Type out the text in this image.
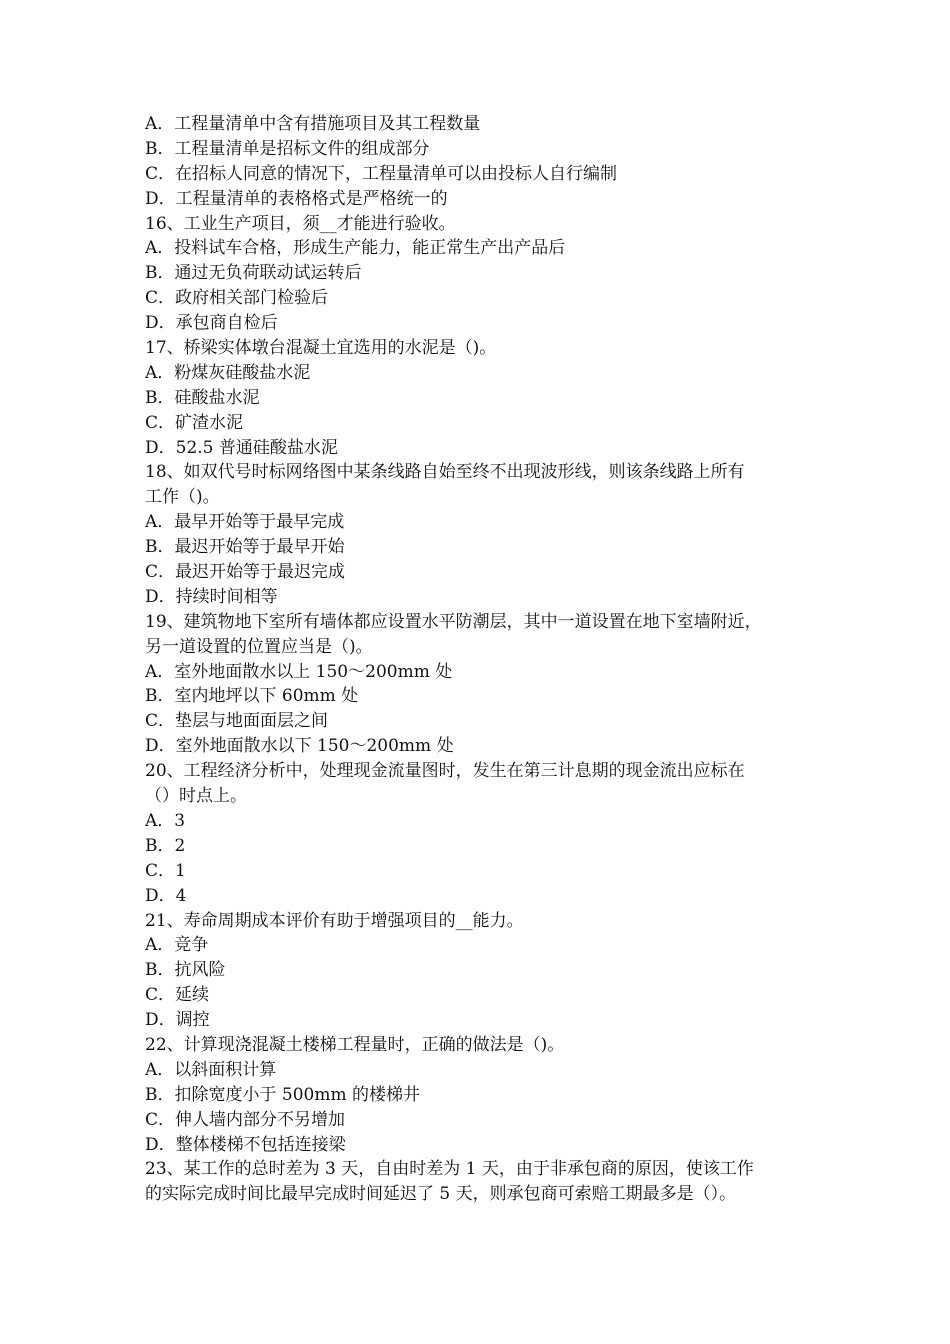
A．工程量清单中含有措施项目及其工程数量
B．工程量清单是招标文件的组成部分
C．在招标人同意的情况下，工程量清单可以由投标人自行编制
D．工程量清单的表格格式是严格统一的
16、工业生产项目，须__才能进行验收。
A．投料试车合格，形成生产能力，能正常生产出产品后
B．通过无负荷联动试运转后
C．政府相关部门检验后
D．承包商自检后
17、桥梁实体墩台混凝土宜选用的水泥是（)。
A．粉煤灰硅酸盐水泥
B．硅酸盐水泥
C．矿渣水泥
D．52.5 普通硅酸盐水泥
18、如双代号时标网络图中某条线路自始至终不出现波形线，则该条线路上所有
工作（)。
A．最早开始等于最早完成
B．最迟开始等于最早开始
C．最迟开始等于最迟完成
D．持续时间相等
19、建筑物地下室所有墙体都应设置水平防潮层，其中一道设置在地下室墙附近，
另一道设置的位置应当是（)。
A．室外地面散水以上 150～200mm 处
B．室内地坪以下 60mm 处
C．垫层与地面面层之间
D．室外地面散水以下 150～200mm 处
20、工程经济分析中，处理现金流量图时，发生在第三计息期的现金流出应标在
（）时点上。
A．3
B．2
C．1
D．4
21、寿命周期成本评价有助于增强项目的__能力。
A．竞争
B．抗风险
C．延续
D．调控
22、计算现浇混凝土楼梯工程量时，正确的做法是（)。
A．以斜面积计算
B．扣除宽度小于 500mm 的楼梯井
C．伸人墙内部分不另增加
D．整体楼梯不包括连接梁
23、某工作的总时差为 3 天，自由时差为 1 天，由于非承包商的原因，使该工作
的实际完成时间比最早完成时间延迟了 5 天，则承包商可索赔工期最多是（）。
